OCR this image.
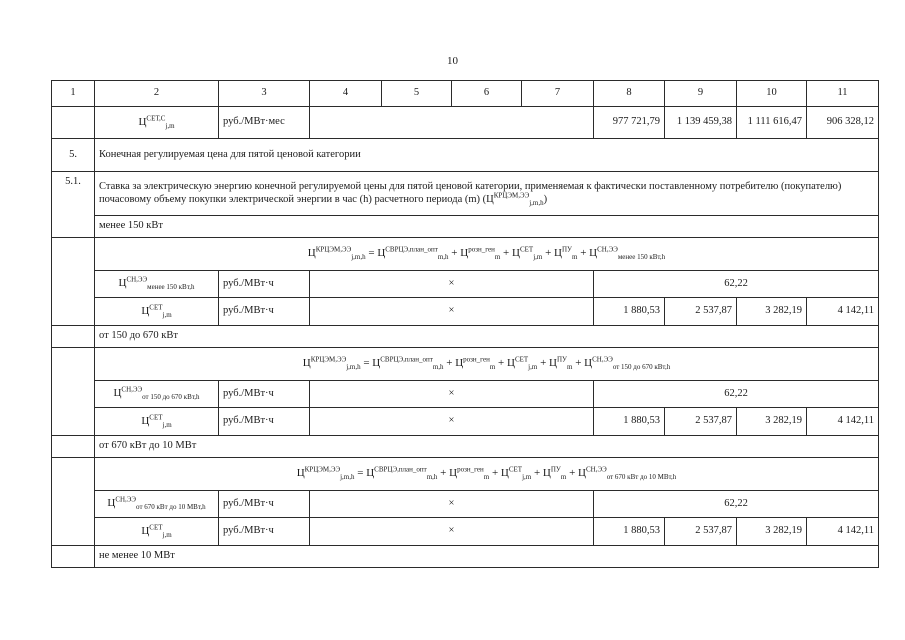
10
1	2	3	4	5	6	7	8	9	10	11
	$Ц^{СЕТ,С}_{j,m}$	руб./МВт·мес					977 721,79	1 139 459,38	1 111 616,47	906 328,12
5.	Конечная регулируемая цена для пятой ценовой категории									
5.1.	Ставка за электрическую энергию конечной регулируемой цены для пятой ценовой категории, применяемая к фактически поставленному потребителю (покупателю) почасовому объему покупки электрической энергии в час (h) расчетного периода (m) $(Ц^{КРЦЭМ,ЭЭ}_{j,m,h})$									
	менее 150 кВт									
	$Ц^{КРЦЭМ,ЭЭ}_{j,m,h} = Ц^{СВРЦЭ,план\_опт}_{m,h} + Ц^{розн\_ген}_m + Ц^{СЕТ}_{j,m} + Ц^{ПУ}_m + Ц^{СН,ЭЭ}_{менее 150 кВт,h}$
	$Ц^{СН,ЭЭ}_{менее 150 кВт,h}$	руб./МВт·ч	×				62,22			
	$Ц^{СЕТ}_{j,m}$	руб./МВт·ч	×				1 880,53	2 537,87	3 282,19	4 142,11
	от 150 до 670 кВт									
	$Ц^{КРЦЭМ,ЭЭ}_{j,m,h} = Ц^{СВРЦЭ,план\_опт}_{m,h} + Ц^{розн\_ген}_m + Ц^{СЕТ}_{j,m} + Ц^{ПУ}_m + Ц^{СН,ЭЭ}_{от 150 до 670 кВт,h}$
	$Ц^{СН,ЭЭ}_{от 150 до 670 кВт,h}$	руб./МВт·ч	×				62,22			
	$Ц^{СЕТ}_{j,m}$	руб./МВт·ч	×				1 880,53	2 537,87	3 282,19	4 142,11
	от 670 кВт до 10 МВт									
	$Ц^{КРЦЭМ,ЭЭ}_{j,m,h} = Ц^{СВРЦЭ,план\_опт}_{m,h} + Ц^{розн\_ген}_m + Ц^{СЕТ}_{j,m} + Ц^{ПУ}_m + Ц^{СН,ЭЭ}_{от 670 кВт до 10 МВт,h}$
	$Ц^{СН,ЭЭ}_{от 670 кВт до 10 МВт,h}$	руб./МВт·ч	×				62,22			
	$Ц^{СЕТ}_{j,m}$	руб./МВт·ч	×				1 880,53	2 537,87	3 282,19	4 142,11
	не менее 10 МВт									
